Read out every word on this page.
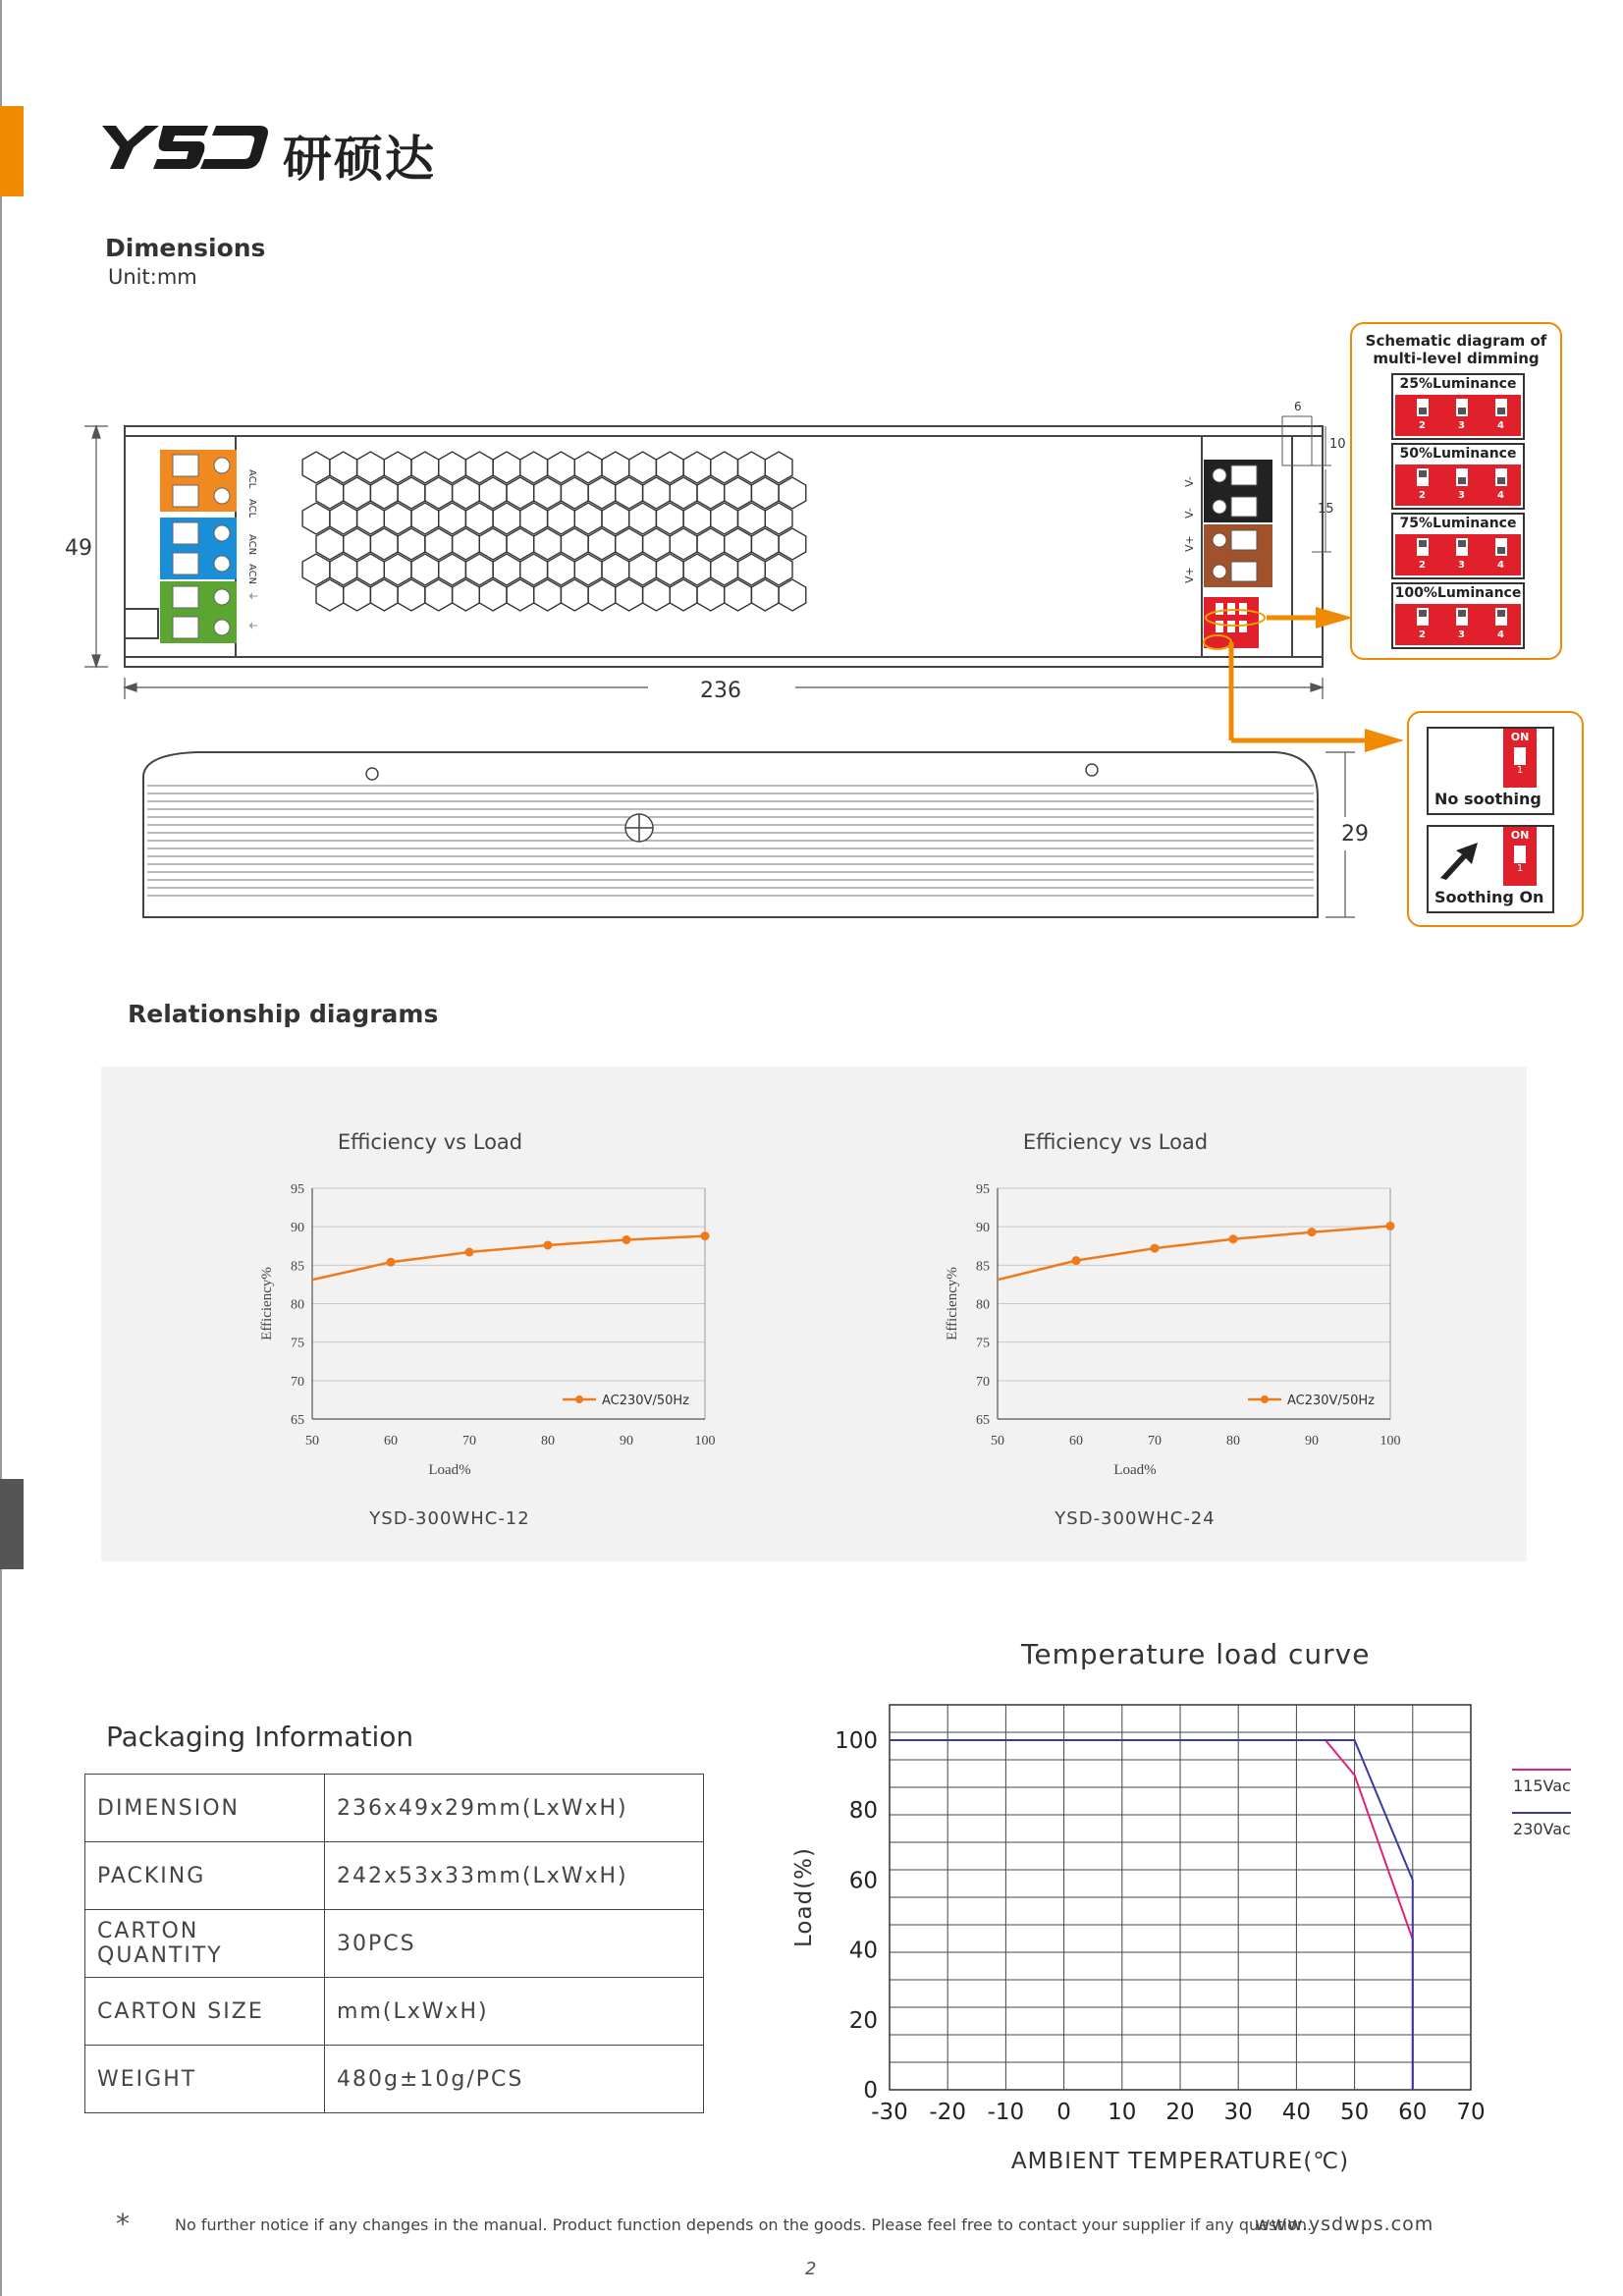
研硕达
Dimensions
Unit:mm
49
ACL
ACL
ACN
ACN
⏚
⏚
V-
V-
V+
V+
6
10
15
236
29
Schematic diagram of
multi-level dimming
25%Luminance
2	3	4
50%Luminance
2	3	4
75%Luminance
2	3	4
100%Luminance
2	3	4
ON
1
No soothing
ON
1
Soothing On
Relationship diagrams
Efficiency vs Load
65
70
75
80
85
90
95
50	60	70	80	90	100
Load%
Efficiency%
AC230V/50Hz
YSD-300WHC-12
Efficiency vs Load
65
70
75
80
85
90
95
50	60	70	80	90	100
Load%
Efficiency%
AC230V/50Hz
YSD-300WHC-24
Temperature load curve
0
20
40
60
80
100
-30 -20 -10 0 10 20 30 40 50 60 70
AMBIENT TEMPERATURE(℃)
Load(%)
115Vac
230Vac
Packaging Information
DIMENSION	236x49x29mm(LxWxH)
PACKING	242x53x33mm(LxWxH)
CARTON QUANTITY	30PCS
CARTON SIZE	mm(LxWxH)
WEIGHT	480g±10g/PCS
*	No further notice if any changes in the manual. Product function depends on the goods. Please feel free to contact your supplier if any question.
www.ysdwps.com
2
